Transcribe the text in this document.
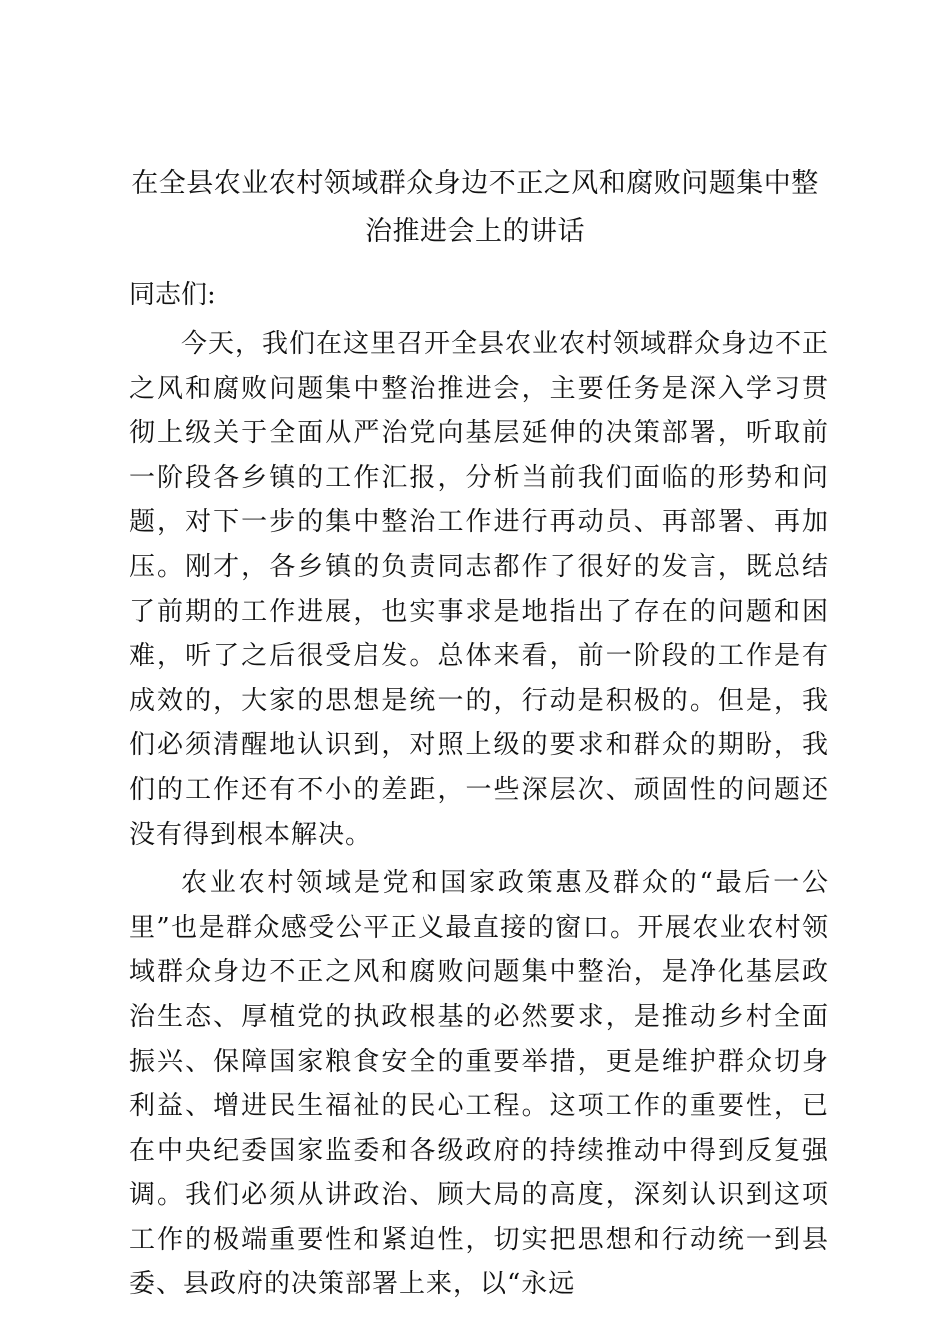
在全县农业农村领域群众身边不正之风和腐败问题集中整治推进会上的讲话

同志们:

今天，我们在这里召开全县农业农村领域群众身边不正之风和腐败问题集中整治推进会，主要任务是深入学习贯彻上级关于全面从严治党向基层延伸的决策部署，听取前一阶段各乡镇的工作汇报，分析当前我们面临的形势和问题，对下一步的集中整治工作进行再动员、再部署、再加压。刚才，各乡镇的负责同志都作了很好的发言，既总结了前期的工作进展，也实事求是地指出了存在的问题和困难，听了之后很受启发。总体来看，前一阶段的工作是有成效的，大家的思想是统一的，行动是积极的。但是，我们必须清醒地认识到，对照上级的要求和群众的期盼，我们的工作还有不小的差距，一些深层次、顽固性的问题还没有得到根本解决。

农业农村领域是党和国家政策惠及群众的“最后一公里”也是群众感受公平正义最直接的窗口。开展农业农村领域群众身边不正之风和腐败问题集中整治，是净化基层政治生态、厚植党的执政根基的必然要求，是推动乡村全面振兴、保障国家粮食安全的重要举措，更是维护群众切身利益、增进民生福祉的民心工程。这项工作的重要性，已在中央纪委国家监委和各级政府的持续推动中得到反复强调。我们必须从讲政治、顾大局的高度，深刻认识到这项工作的极端重要性和紧迫性，切实把思想和行动统一到县委、县政府的决策部署上来，以“永远
